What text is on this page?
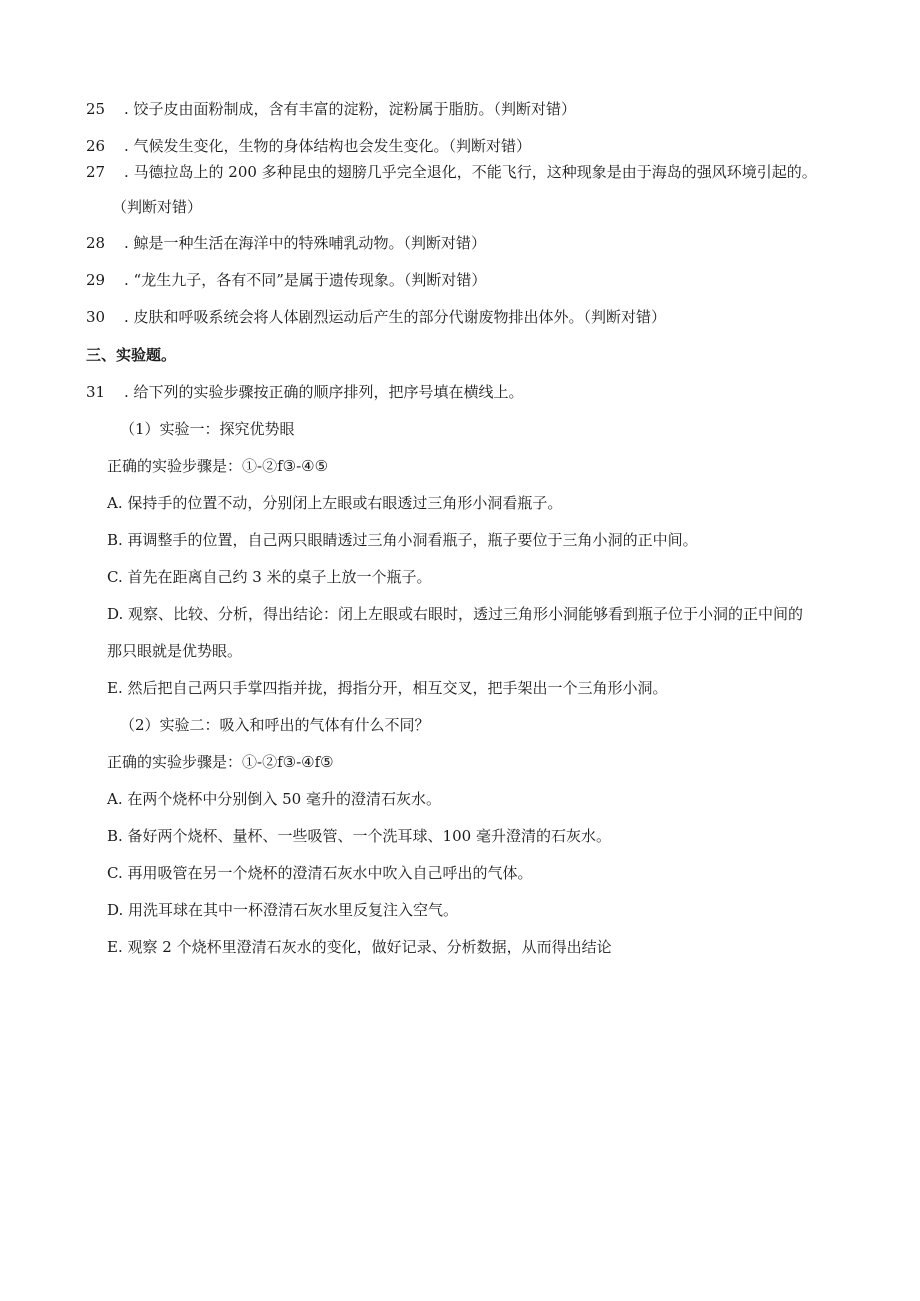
25 . 饺子皮由面粉制成，含有丰富的淀粉，淀粉属于脂肪。（判断对错）
26 . 气候发生变化，生物的身体结构也会发生变化。（判断对错）
27 . 马德拉岛上的 200 多种昆虫的翅膀几乎完全退化，不能飞行，这种现象是由于海岛的强风环境引起的。
（判断对错）
28 . 鲸是一种生活在海洋中的特殊哺乳动物。（判断对错）
29 . “龙生九子，各有不同”是属于遗传现象。（判断对错）
30 . 皮肤和呼吸系统会将人体剧烈运动后产生的部分代谢废物排出体外。（判断对错）
三、实验题。
31 . 给下列的实验步骤按正确的顺序排列，把序号填在横线上。
（1）实验一：探究优势眼
正确的实验步骤是：①-②f③-④⑤
A. 保持手的位置不动，分别闭上左眼或右眼透过三角形小洞看瓶子。
B. 再调整手的位置，自己两只眼睛透过三角小洞看瓶子，瓶子要位于三角小洞的正中间。
C. 首先在距离自己约 3 米的桌子上放一个瓶子。
D. 观察、比较、分析，得出结论：闭上左眼或右眼时，透过三角形小洞能够看到瓶子位于小洞的正中间的
那只眼就是优势眼。
E. 然后把自己两只手掌四指并拢，拇指分开，相互交叉，把手架出一个三角形小洞。
（2）实验二：吸入和呼出的气体有什么不同？
正确的实验步骤是：①-②f③-④f⑤
A. 在两个烧杯中分别倒入 50 毫升的澄清石灰水。
B. 备好两个烧杯、量杯、一些吸管、一个洗耳球、100 毫升澄清的石灰水。
C. 再用吸管在另一个烧杯的澄清石灰水中吹入自己呼出的气体。
D. 用洗耳球在其中一杯澄清石灰水里反复注入空气。
E. 观察 2 个烧杯里澄清石灰水的变化，做好记录、分析数据，从而得出结论
